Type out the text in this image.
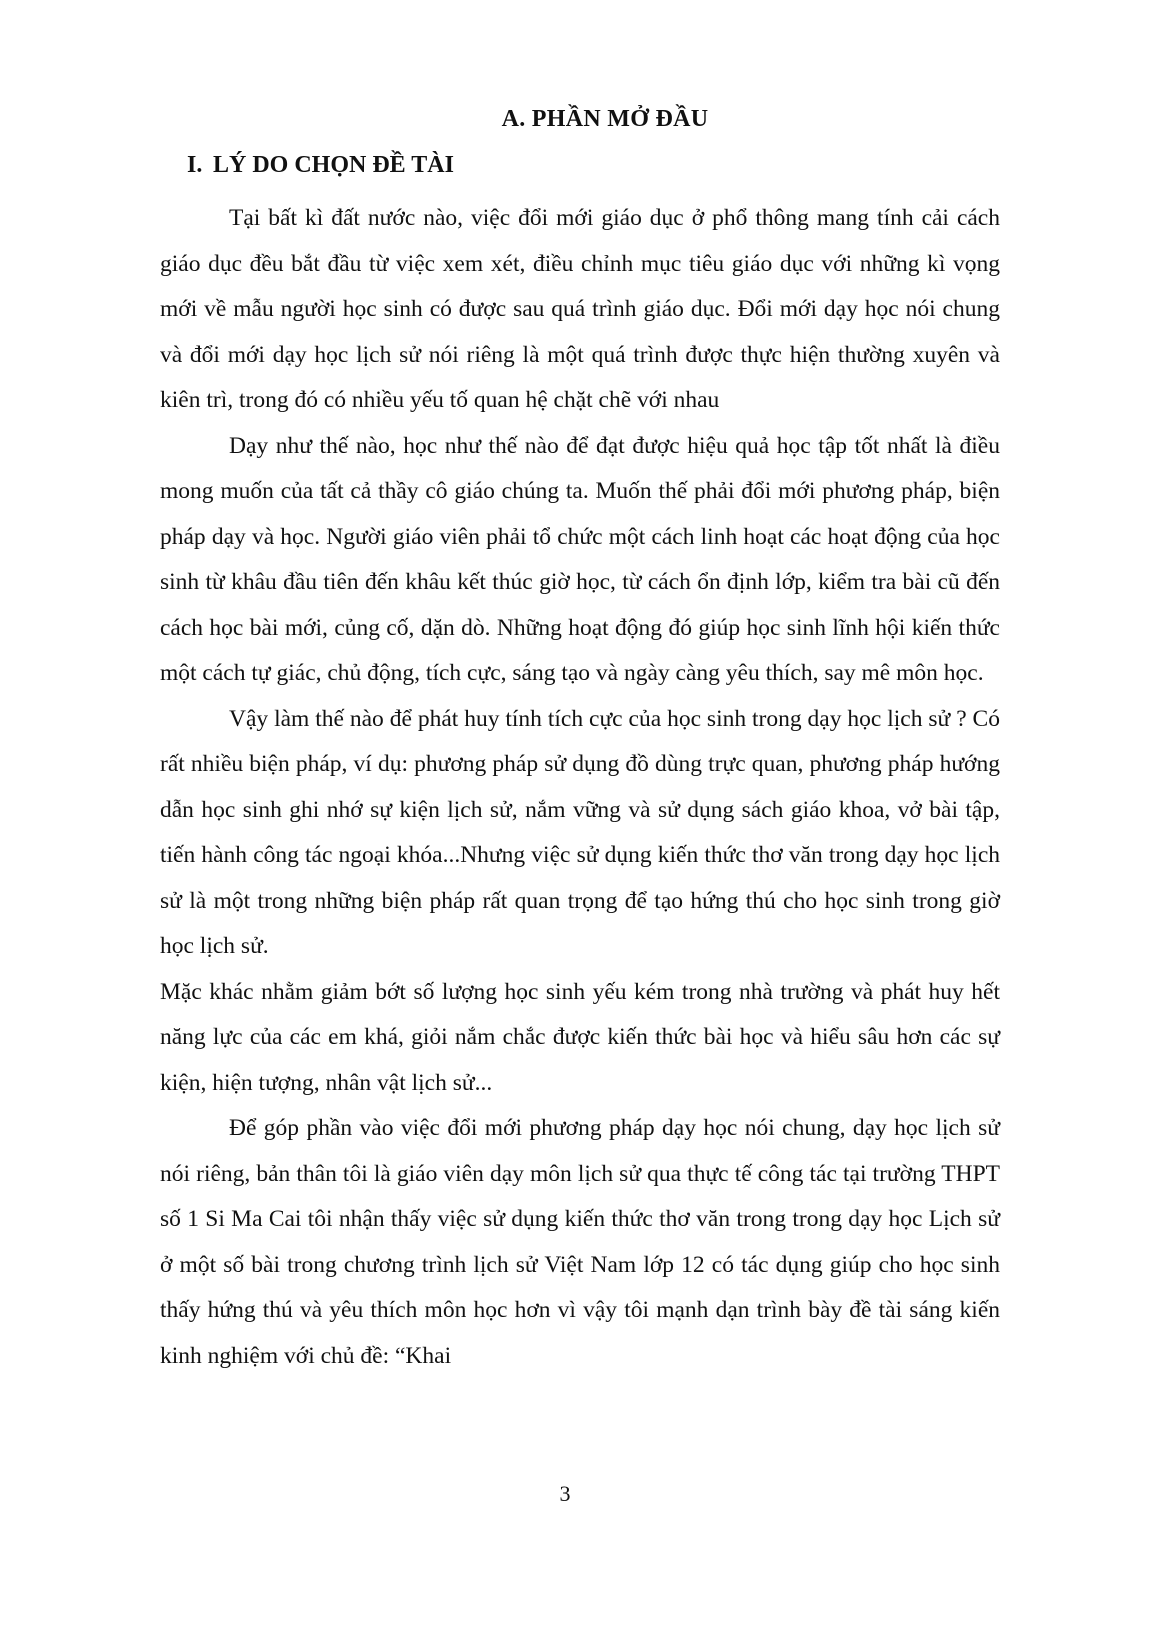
A. PHẦN MỞ ĐẦU
I. LÝ DO CHỌN ĐỀ TÀI

Tại bất kì đất nước nào, việc đổi mới giáo dục ở phổ thông mang tính cải cách giáo dục đều bắt đầu từ việc xem xét, điều chỉnh mục tiêu giáo dục với những kì vọng mới về mẫu người học sinh có được sau quá trình giáo dục. Đổi mới dạy học nói chung và đổi mới dạy học lịch sử nói riêng là một quá trình được thực hiện thường xuyên và kiên trì, trong đó có nhiều yếu tố quan hệ chặt chẽ với nhau

Dạy như thế nào, học như thế nào để đạt được hiệu quả học tập tốt nhất là điều mong muốn của tất cả thầy cô giáo chúng ta. Muốn thế phải đổi mới phương pháp, biện pháp dạy và học. Người giáo viên phải tổ chức một cách linh hoạt các hoạt động của học sinh từ khâu đầu tiên đến khâu kết thúc giờ học, từ cách ổn định lớp, kiểm tra bài cũ đến cách học bài mới, củng cố, dặn dò. Những hoạt động đó giúp học sinh lĩnh hội kiến thức một cách tự giác, chủ động, tích cực, sáng tạo và ngày càng yêu thích, say mê môn học.

Vậy làm thế nào để phát huy tính tích cực của học sinh trong dạy học lịch sử ? Có rất nhiều biện pháp, ví dụ: phương pháp sử dụng đồ dùng trực quan, phương pháp hướng dẫn học sinh ghi nhớ sự kiện lịch sử, nắm vững và sử dụng sách giáo khoa, vở bài tập, tiến hành công tác ngoại khóa...Nhưng việc sử dụng kiến thức thơ văn trong dạy học lịch sử là một trong những biện pháp rất quan trọng để tạo hứng thú cho học sinh trong giờ học lịch sử.

Mặc khác nhằm giảm bớt số lượng học sinh yếu kém trong nhà trường và phát huy hết năng lực của các em khá, giỏi nắm chắc được kiến thức bài học và hiểu sâu hơn các sự kiện, hiện tượng, nhân vật lịch sử...

Để góp phần vào việc đổi mới phương pháp dạy học nói chung, dạy học lịch sử nói riêng, bản thân tôi là giáo viên dạy môn lịch sử qua thực tế công tác tại trường THPT số 1 Si Ma Cai tôi nhận thấy việc sử dụng kiến thức thơ văn trong trong dạy học Lịch sử ở một số bài trong chương trình lịch sử Việt Nam lớp 12 có tác dụng giúp cho học sinh thấy hứng thú và yêu thích môn học hơn vì vậy tôi mạnh dạn trình bày đề tài sáng kiến kinh nghiệm với chủ đề: “Khai

3
